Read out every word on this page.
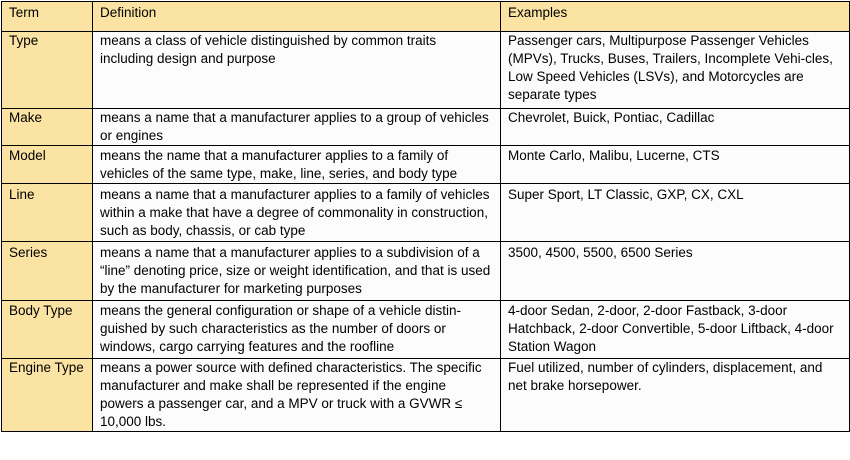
Term	Definition	Examples
Type	means a class of vehicle distinguished by common traits including design and purpose	Passenger cars, Multipurpose Passenger Vehicles (MPVs), Trucks, Buses, Trailers, Incomplete Vehi-cles, Low Speed Vehicles (LSVs), and Motorcycles are separate types
Make	means a name that a manufacturer applies to a group of vehicles or engines	Chevrolet, Buick, Pontiac, Cadillac
Model	means the name that a manufacturer applies to a family of vehicles of the same type, make, line, series, and body type	Monte Carlo, Malibu, Lucerne, CTS
Line	means a name that a manufacturer applies to a family of vehicles within a make that have a degree of commonality in construction, such as body, chassis, or cab type	Super Sport, LT Classic, GXP, CX, CXL
Series	means a name that a manufacturer applies to a subdivision of a “line” denoting price, size or weight identification, and that is used by the manufacturer for marketing purposes	3500, 4500, 5500, 6500 Series
Body Type	means the general configuration or shape of a vehicle distin-guished by such characteristics as the number of doors or windows, cargo carrying features and the roofline	4-door Sedan, 2-door, 2-door Fastback, 3-door Hatchback, 2-door Convertible, 5-door Liftback, 4-door Station Wagon
Engine Type	means a power source with defined characteristics. The specific manufacturer and make shall be represented if the engine powers a passenger car, and a MPV or truck with a GVWR ≤ 10,000 lbs.	Fuel utilized, number of cylinders, displacement, and net brake horsepower.
